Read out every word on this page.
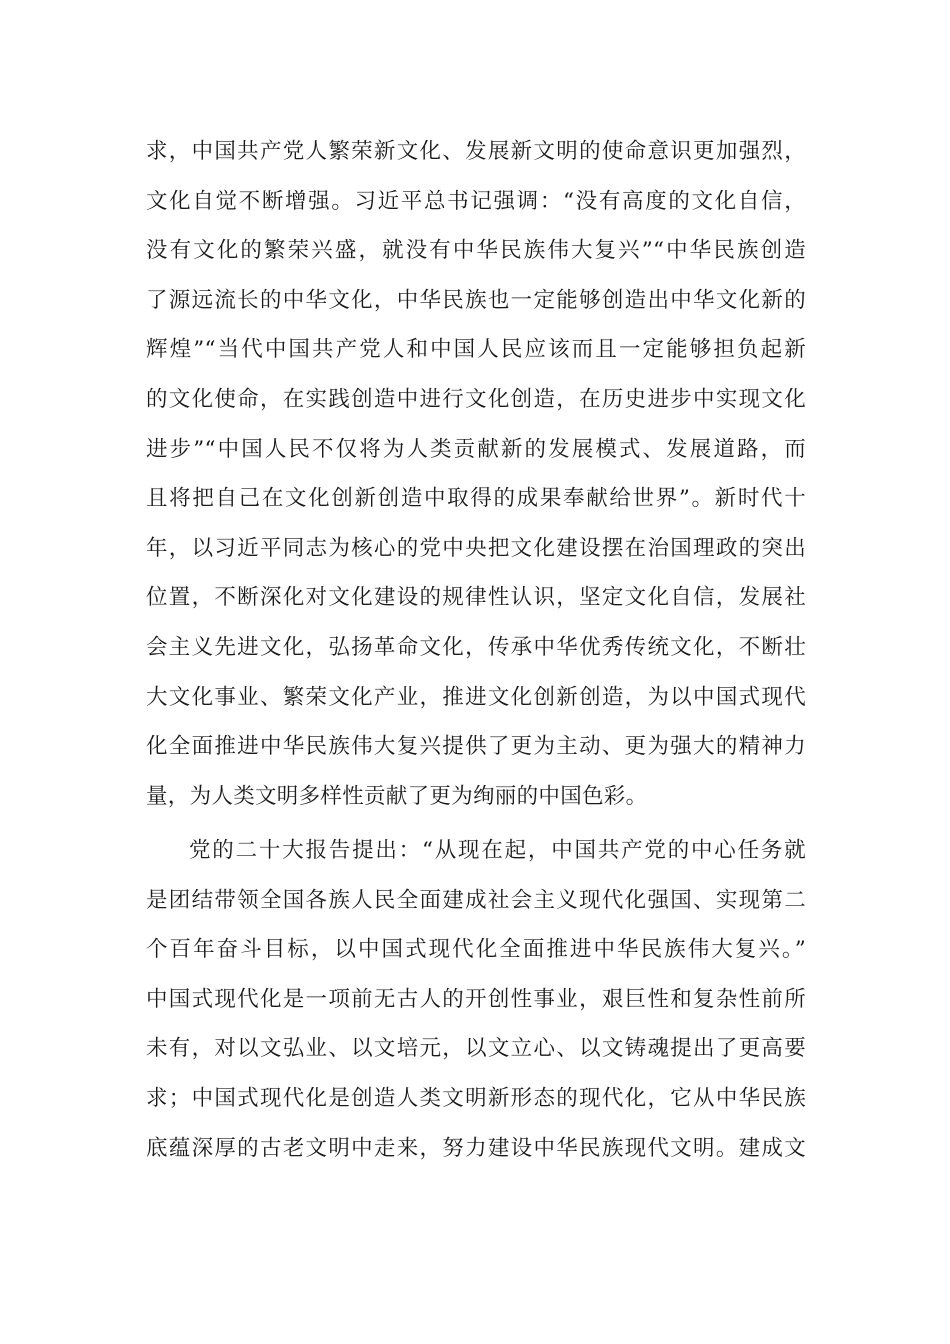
求，中国共产党人繁荣新文化、发展新文明的使命意识更加强烈，
文化自觉不断增强。习近平总书记强调：“没有高度的文化自信，
没有文化的繁荣兴盛，就没有中华民族伟大复兴”“中华民族创造
了源远流长的中华文化，中华民族也一定能够创造出中华文化新的
辉煌”“当代中国共产党人和中国人民应该而且一定能够担负起新
的文化使命，在实践创造中进行文化创造，在历史进步中实现文化
进步”“中国人民不仅将为人类贡献新的发展模式、发展道路，而
且将把自己在文化创新创造中取得的成果奉献给世界”。新时代十
年，以习近平同志为核心的党中央把文化建设摆在治国理政的突出
位置，不断深化对文化建设的规律性认识，坚定文化自信，发展社
会主义先进文化，弘扬革命文化，传承中华优秀传统文化，不断壮
大文化事业、繁荣文化产业，推进文化创新创造，为以中国式现代
化全面推进中华民族伟大复兴提供了更为主动、更为强大的精神力
量，为人类文明多样性贡献了更为绚丽的中国色彩。
党的二十大报告提出：“从现在起，中国共产党的中心任务就
是团结带领全国各族人民全面建成社会主义现代化强国、实现第二
个百年奋斗目标，以中国式现代化全面推进中华民族伟大复兴。”
中国式现代化是一项前无古人的开创性事业，艰巨性和复杂性前所
未有，对以文弘业、以文培元，以文立心、以文铸魂提出了更高要
求；中国式现代化是创造人类文明新形态的现代化，它从中华民族
底蕴深厚的古老文明中走来，努力建设中华民族现代文明。建成文
